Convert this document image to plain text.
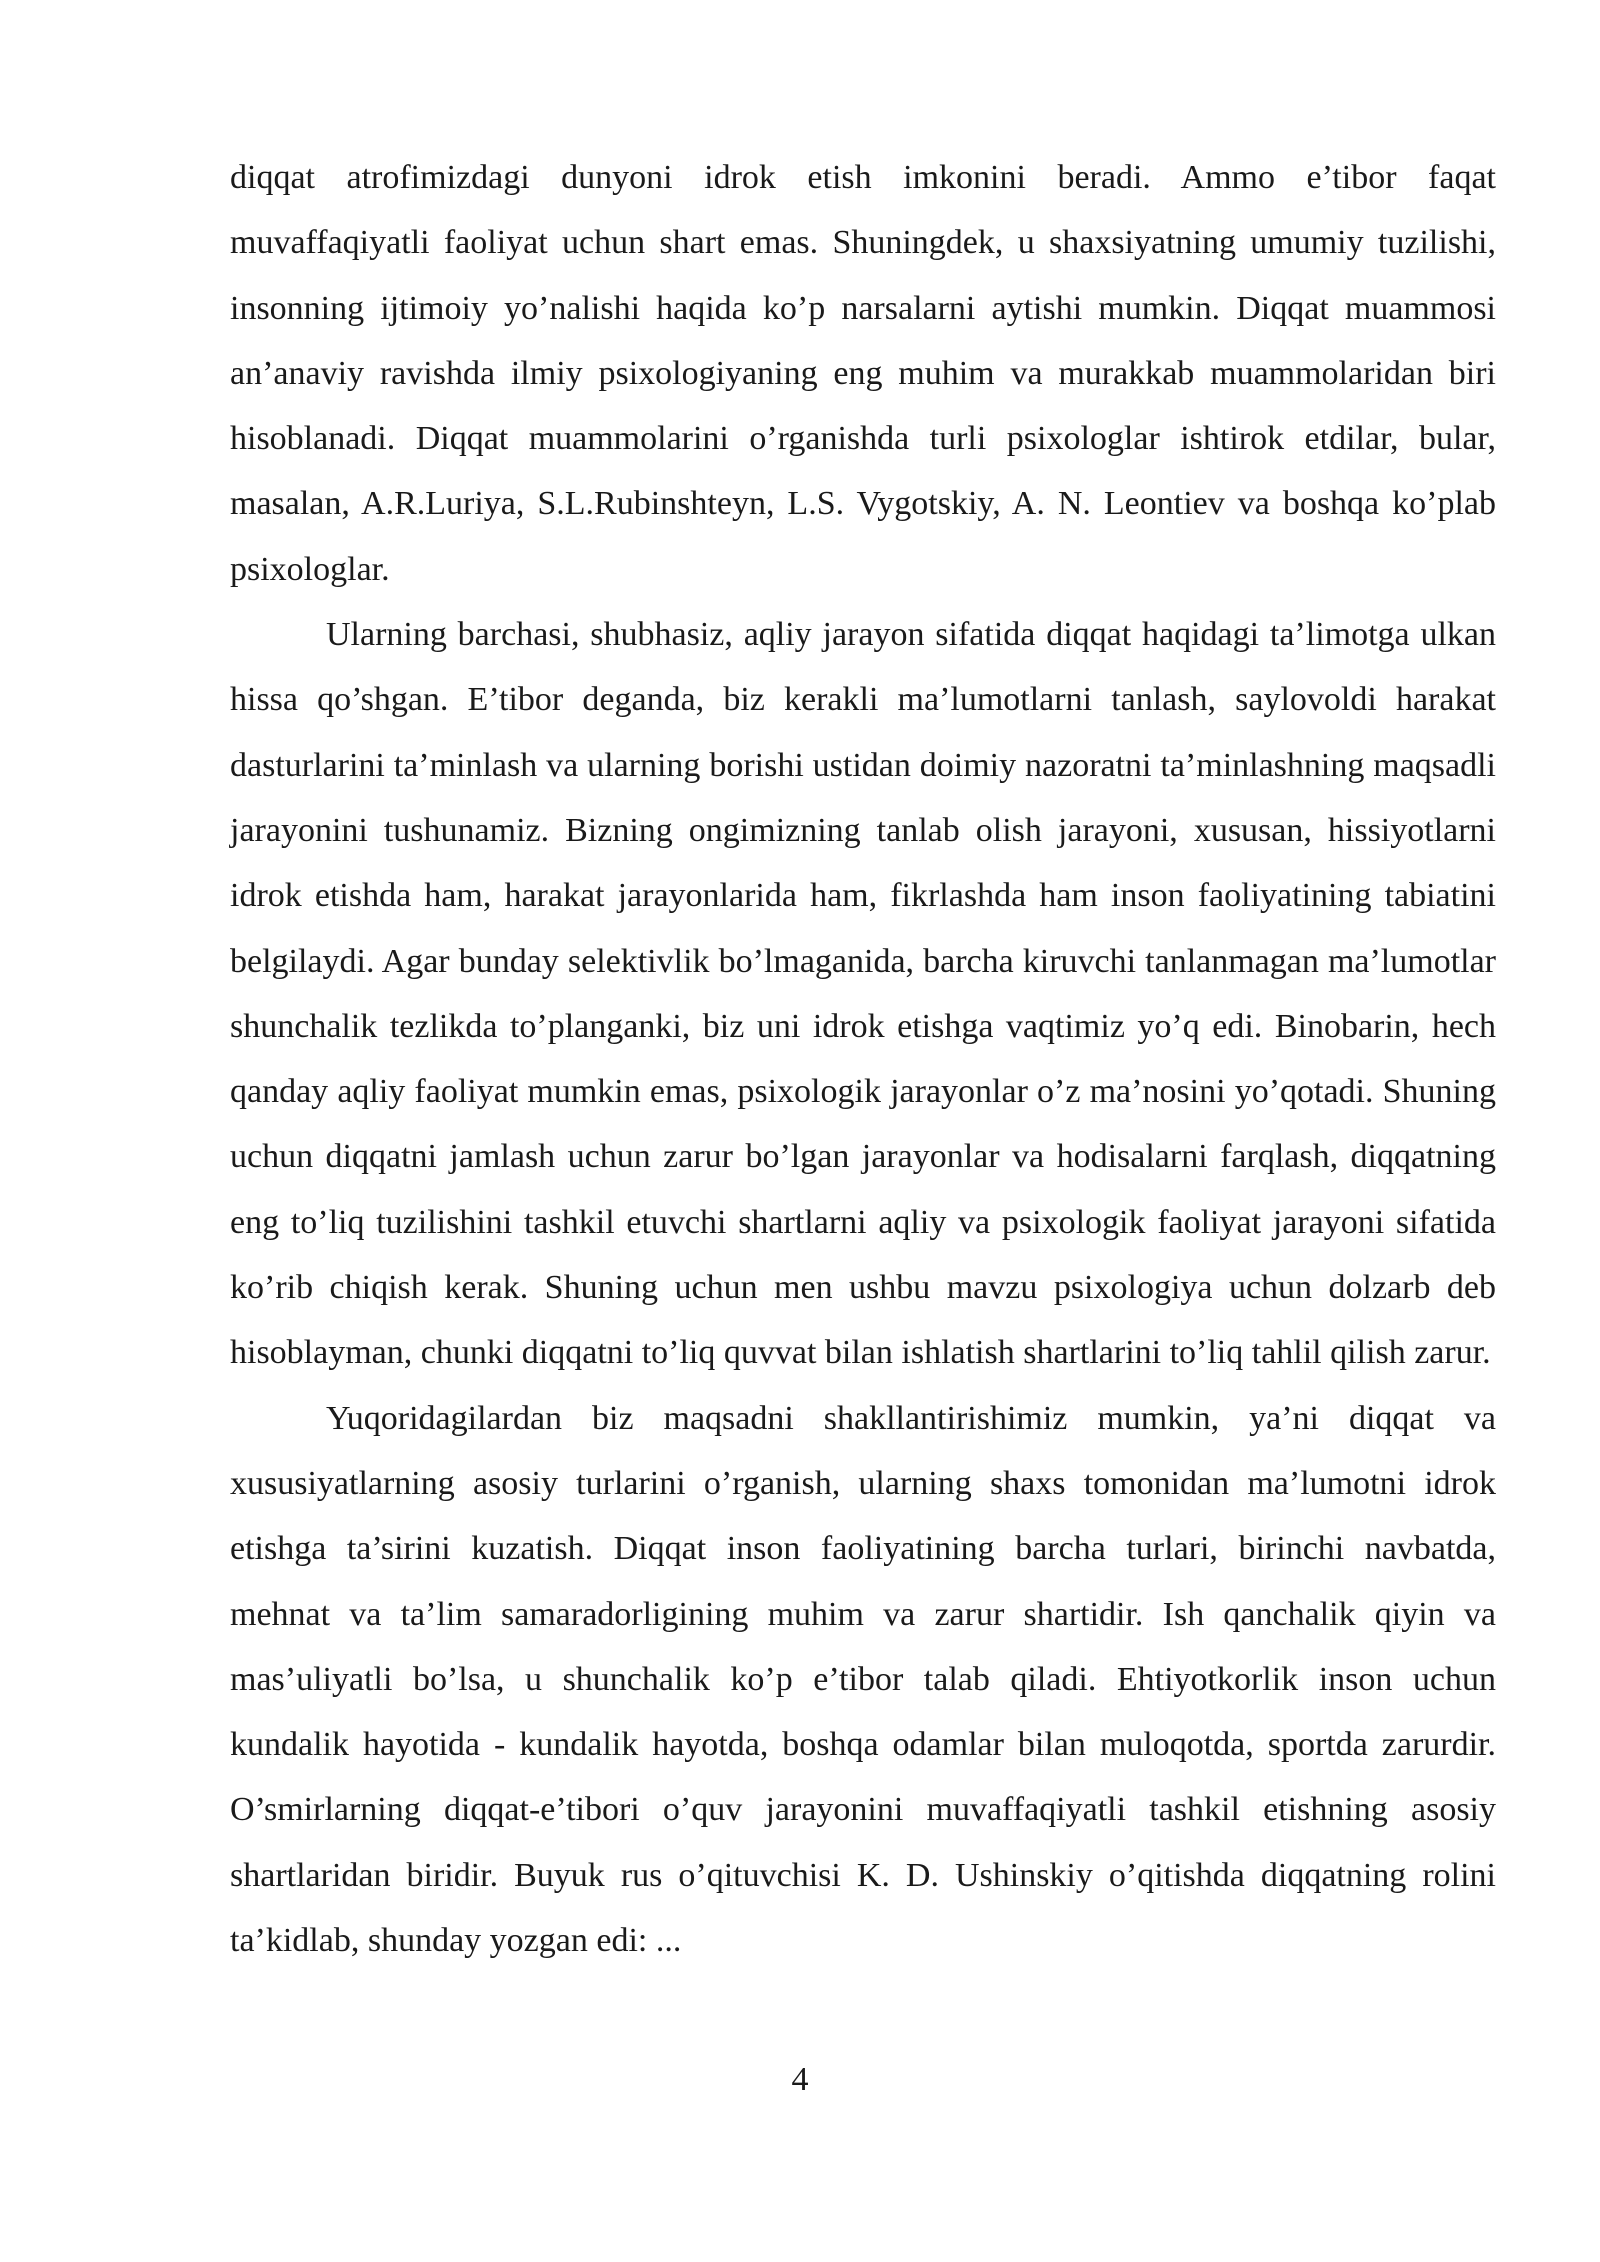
diqqat atrofimizdagi dunyoni idrok etish imkonini beradi. Ammo e’tibor faqat muvaffaqiyatli faoliyat uchun shart emas. Shuningdek, u shaxsiyatning umumiy tuzilishi, insonning ijtimoiy yo’nalishi haqida ko’p narsalarni aytishi mumkin. Diqqat muammosi an’anaviy ravishda ilmiy psixologiyaning eng muhim va murakkab muammolaridan biri hisoblanadi. Diqqat muammolarini o’rganishda turli psixologlar ishtirok etdilar, bular, masalan, A.R.Luriya, S.L.Rubinshteyn, L.S. Vygotskiy, A. N. Leontiev va boshqa ko’plab psixologlar.

Ularning barchasi, shubhasiz, aqliy jarayon sifatida diqqat haqidagi ta’limotga ulkan hissa qo’shgan. E’tibor deganda, biz kerakli ma’lumotlarni tanlash, saylovoldi harakat dasturlarini ta’minlash va ularning borishi ustidan doimiy nazoratni ta’minlashning maqsadli jarayonini tushunamiz. Bizning ongimizning tanlab olish jarayoni, xususan, hissiyotlarni idrok etishda ham, harakat jarayonlarida ham, fikrlashda ham inson faoliyatining tabiatini belgilaydi. Agar bunday selektivlik bo’lmaganida, barcha kiruvchi tanlanmagan ma’lumotlar shunchalik tezlikda to’planganki, biz uni idrok etishga vaqtimiz yo’q edi. Binobarin, hech qanday aqliy faoliyat mumkin emas, psixologik jarayonlar o’z ma’nosini yo’qotadi. Shuning uchun diqqatni jamlash uchun zarur bo’lgan jarayonlar va hodisalarni farqlash, diqqatning eng to’liq tuzilishini tashkil etuvchi shartlarni aqliy va psixologik faoliyat jarayoni sifatida ko’rib chiqish kerak. Shuning uchun men ushbu mavzu psixologiya uchun dolzarb deb hisoblayman, chunki diqqatni to’liq quvvat bilan ishlatish shartlarini to’liq tahlil qilish zarur.

Yuqoridagilardan biz maqsadni shakllantirishimiz mumkin, ya’ni diqqat va xususiyatlarning asosiy turlarini o’rganish, ularning shaxs tomonidan ma’lumotni idrok etishga ta’sirini kuzatish. Diqqat inson faoliyatining barcha turlari, birinchi navbatda, mehnat va ta’lim samaradorligining muhim va zarur shartidir. Ish qanchalik qiyin va mas’uliyatli bo’lsa, u shunchalik ko’p e’tibor talab qiladi. Ehtiyotkorlik inson uchun kundalik hayotida - kundalik hayotda, boshqa odamlar bilan muloqotda, sportda zarurdir. O’smirlarning diqqat-e’tibori o’quv jarayonini muvaffaqiyatli tashkil etishning asosiy shartlaridan biridir. Buyuk rus o’qituvchisi K. D. Ushinskiy o’qitishda diqqatning rolini ta’kidlab, shunday yozgan edi: ...

4
